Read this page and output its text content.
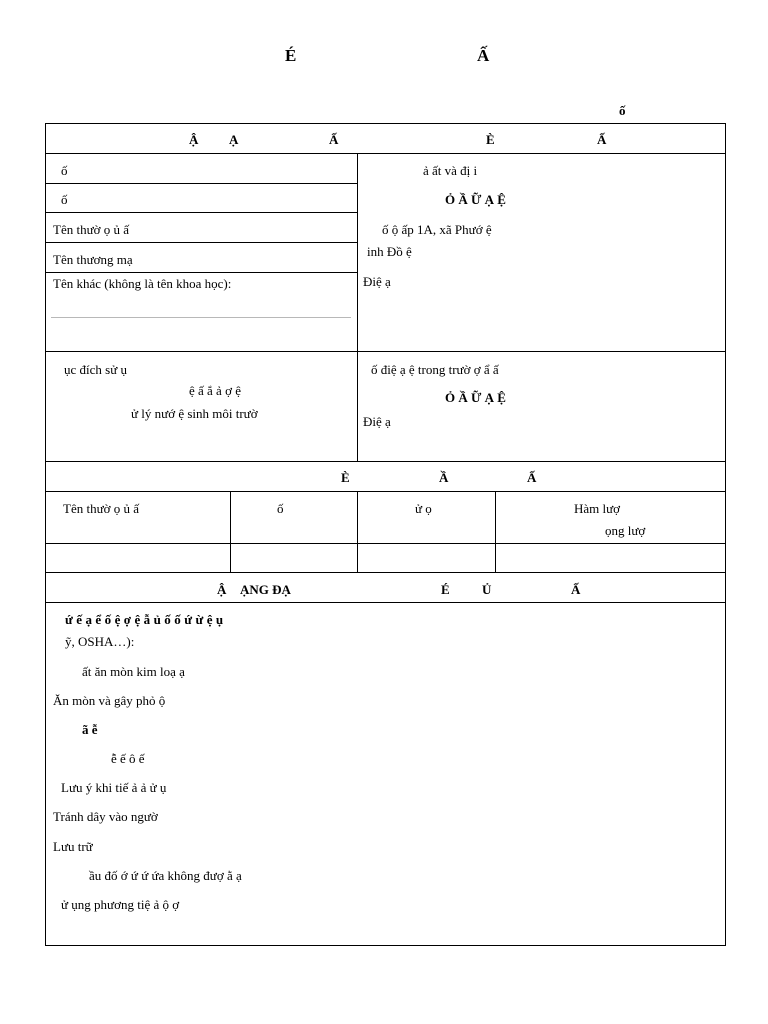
É	Ấ
ố
Ậ Ạ	Ấ	È	Ấ
ố
ố
Tên thườ ọ ủ ấ
Tên thương mạ
Tên khác (không là tên khoa học):
ả ất và đị i
Ỏ Ầ Ữ Ạ Ệ
ố ộ ấp 1A, xã Phướ ệ
inh Đồ ệ
Điệ ạ
ục đích sử ụ
ệ ấ ắ ả ợ ệ
ử lý nướ ệ sinh môi trườ
ố điệ ạ ệ trong trườ ợ ẩ ấ
Ỏ Ầ Ữ Ạ Ệ
Điệ ạ
È	Ầ	Ấ
Tên thườ ọ ủ ấ	ố	ử ọ	Hàm lượ
ọng lượ
Ậ ẠNG ĐẠ	É Ủ	Ấ
ứ ế ạ ể ố ệ ợ ệ ẫ ủ ố ố ứ ừ ệ ụ
ỹ, OSHA…):
ất ăn mòn kim loạ ạ
Ăn mòn và gây phỏ ộ
ã ễ
ễ ế ô ế
Lưu ý khi tiế ả ả ử ụ
Tránh dây vào ngườ
Lưu trữ
ầu đố ớ ứ ứ ứa không đượ ằ ạ
ử ụng phương tiệ ả ộ ợ
